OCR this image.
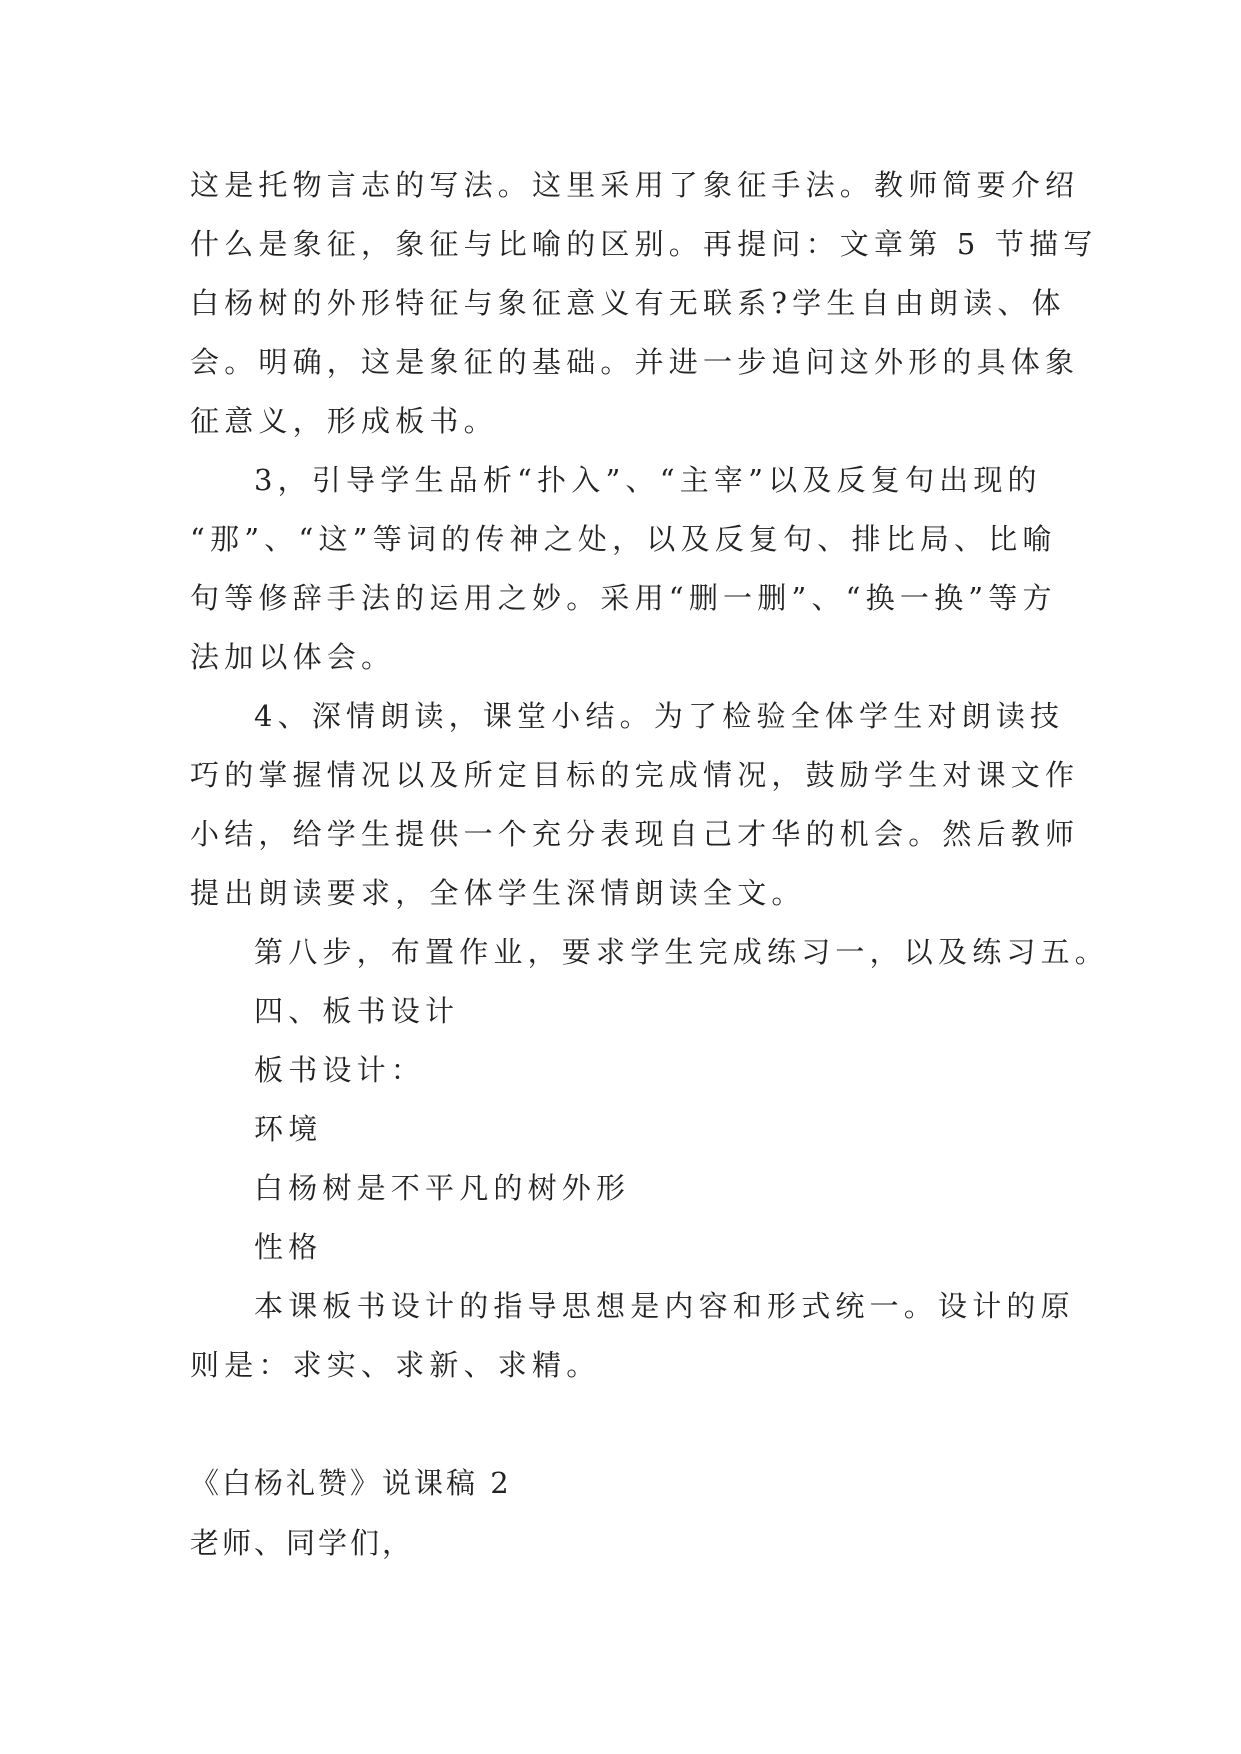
这是托物言志的写法。这里采用了象征手法。教师简要介绍

什么是象征，象征与比喻的区别。再提问：文章第 5 节描写

白杨树的外形特征与象征意义有无联系?学生自由朗读、体

会。明确，这是象征的基础。并进一步追问这外形的具体象

征意义，形成板书。

3，引导学生品析“扑入”、“主宰”以及反复句出现的

“那”、“这”等词的传神之处，以及反复句、排比局、比喻

句等修辞手法的运用之妙。采用“删一删”、“换一换”等方

法加以体会。

4、深情朗读，课堂小结。为了检验全体学生对朗读技

巧的掌握情况以及所定目标的完成情况，鼓励学生对课文作

小结，给学生提供一个充分表现自己才华的机会。然后教师

提出朗读要求，全体学生深情朗读全文。

第八步，布置作业，要求学生完成练习一，以及练习五。

四、板书设计

板书设计：

环境

白杨树是不平凡的树外形

性格

本课板书设计的指导思想是内容和形式统一。设计的原

则是：求实、求新、求精。

《白杨礼赞》说课稿 2

老师、同学们，
